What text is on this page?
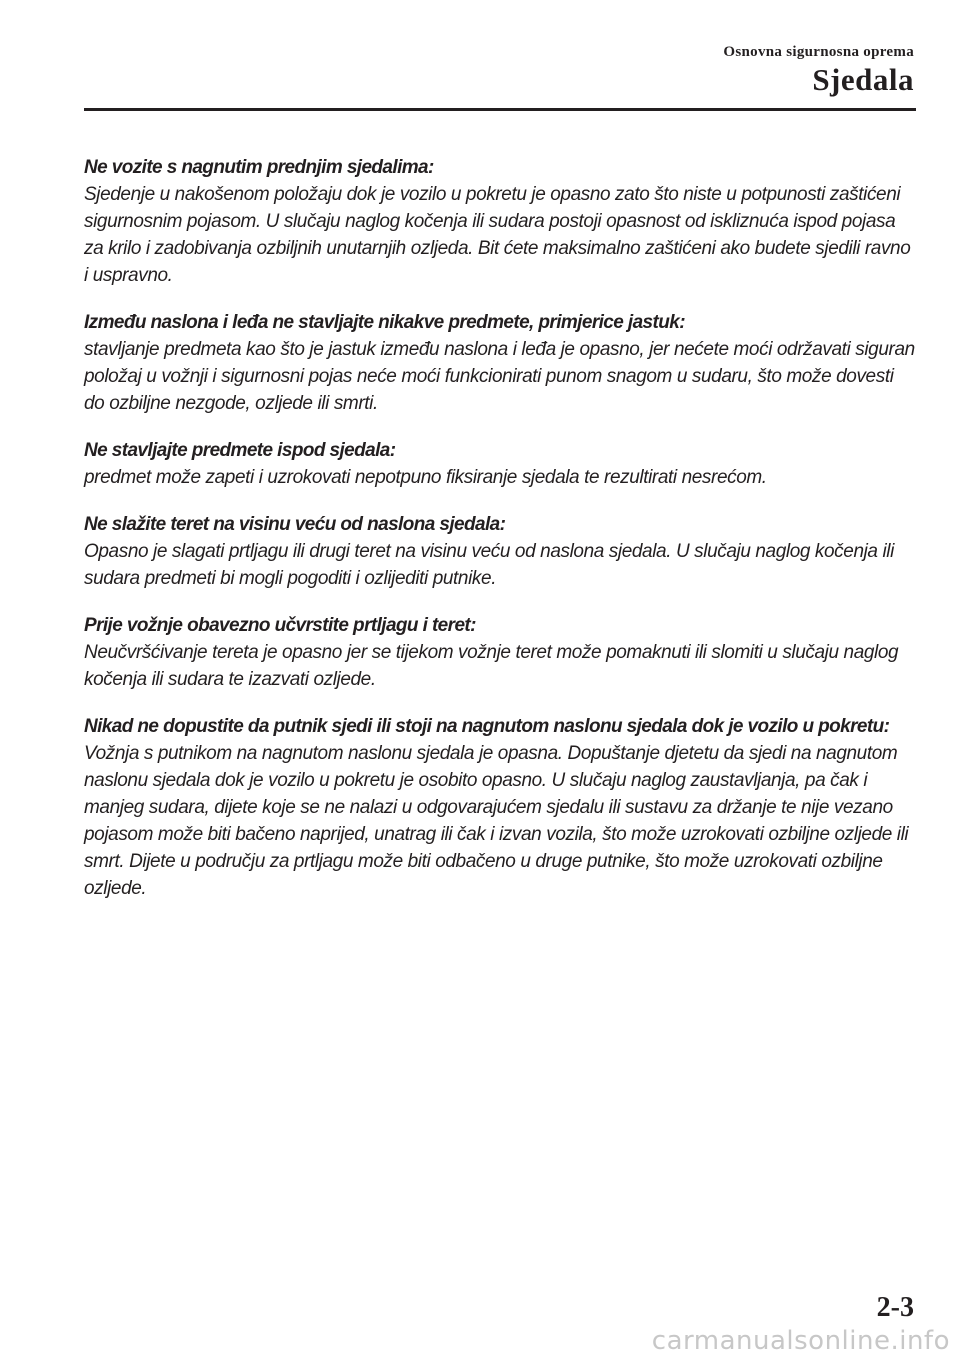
Osnovna sigurnosna oprema
Sjedala

Ne vozite s nagnutim prednjim sjedalima:

Sjedenje u nakošenom položaju dok je vozilo u pokretu je opasno zato što niste u potpunosti zaštićeni sigurnosnim pojasom. U slučaju naglog kočenja ili sudara postoji opasnost od iskliznuća ispod pojasa za krilo i zadobivanja ozbiljnih unutarnjih ozljeda. Bit ćete maksimalno zaštićeni ako budete sjedili ravno i uspravno.

Između naslona i leđa ne stavljajte nikakve predmete, primjerice jastuk:

stavljanje predmeta kao što je jastuk između naslona i leđa je opasno, jer nećete moći održavati siguran položaj u vožnji i sigurnosni pojas neće moći funkcionirati punom snagom u sudaru, što može dovesti do ozbiljne nezgode, ozljede ili smrti.

Ne stavljajte predmete ispod sjedala:

predmet može zapeti i uzrokovati nepotpuno fiksiranje sjedala te rezultirati nesrećom.

Ne slažite teret na visinu veću od naslona sjedala:

Opasno je slagati prtljagu ili drugi teret na visinu veću od naslona sjedala. U slučaju naglog kočenja ili sudara predmeti bi mogli pogoditi i ozlijediti putnike.

Prije vožnje obavezno učvrstite prtljagu i teret:

Neučvršćivanje tereta je opasno jer se tijekom vožnje teret može pomaknuti ili slomiti u slučaju naglog kočenja ili sudara te izazvati ozljede.

Nikad ne dopustite da putnik sjedi ili stoji na nagnutom naslonu sjedala dok je vozilo u pokretu:

Vožnja s putnikom na nagnutom naslonu sjedala je opasna. Dopuštanje djetetu da sjedi na nagnutom naslonu sjedala dok je vozilo u pokretu je osobito opasno. U slučaju naglog zaustavljanja, pa čak i manjeg sudara, dijete koje se ne nalazi u odgovarajućem sjedalu ili sustavu za držanje te nije vezano pojasom može biti bačeno naprijed, unatrag ili čak i izvan vozila, što može uzrokovati ozbiljne ozljede ili smrt. Dijete u području za prtljagu može biti odbačeno u druge putnike, što može uzrokovati ozbiljne ozljede.

2-3
carmanualsonline.info
